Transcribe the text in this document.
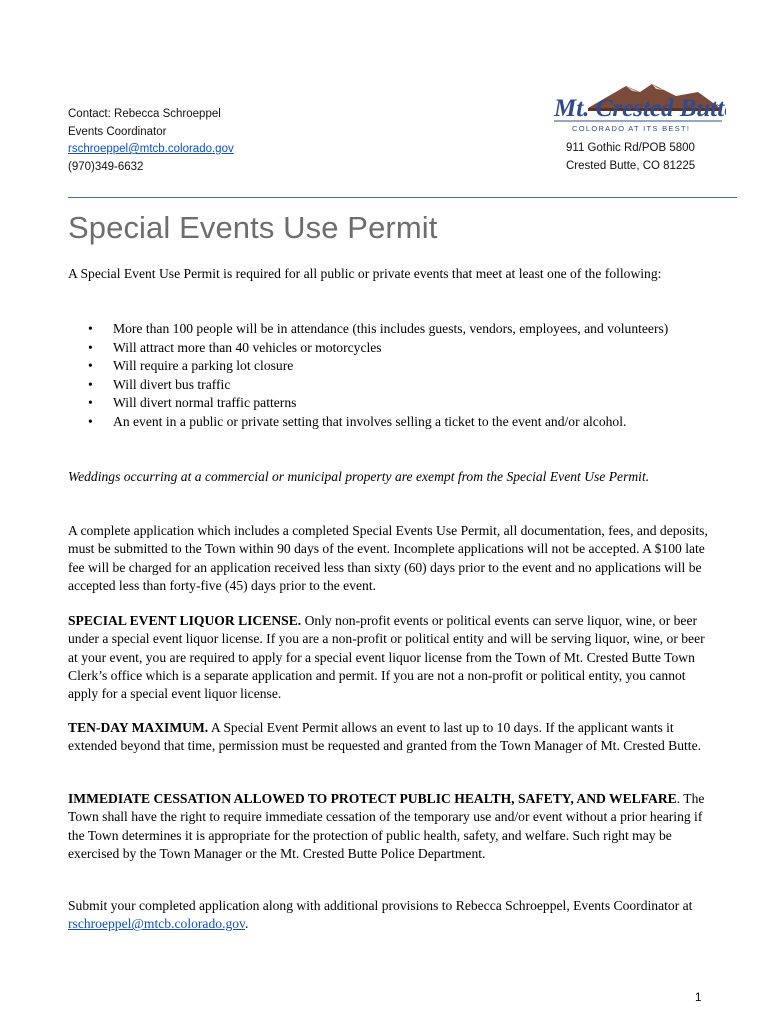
Contact: Rebecca Schroeppel
Events Coordinator
rschroeppel@mtcb.colorado.gov
(970)349-6632
Mt. Crested Butte
COLORADO AT ITS BEST!
911 Gothic Rd/POB 5800
Crested Butte, CO 81225
Special Events Use Permit

A Special Event Use Permit is required for all public or private events that meet at least one of the following:

• More than 100 people will be in attendance (this includes guests, vendors, employees, and volunteers)
• Will attract more than 40 vehicles or motorcycles
• Will require a parking lot closure
• Will divert bus traffic
• Will divert normal traffic patterns
• An event in a public or private setting that involves selling a ticket to the event and/or alcohol.

Weddings occurring at a commercial or municipal property are exempt from the Special Event Use Permit.

A complete application which includes a completed Special Events Use Permit, all documentation, fees, and deposits, must be submitted to the Town within 90 days of the event. Incomplete applications will not be accepted. A $100 late fee will be charged for an application received less than sixty (60) days prior to the event and no applications will be accepted less than forty-five (45) days prior to the event.

SPECIAL EVENT LIQUOR LICENSE. Only non-profit events or political events can serve liquor, wine, or beer under a special event liquor license. If you are a non-profit or political entity and will be serving liquor, wine, or beer at your event, you are required to apply for a special event liquor license from the Town of Mt. Crested Butte Town Clerk’s office which is a separate application and permit. If you are not a non-profit or political entity, you cannot apply for a special event liquor license.

TEN-DAY MAXIMUM. A Special Event Permit allows an event to last up to 10 days. If the applicant wants it extended beyond that time, permission must be requested and granted from the Town Manager of Mt. Crested Butte.

IMMEDIATE CESSATION ALLOWED TO PROTECT PUBLIC HEALTH, SAFETY, AND WELFARE. The Town shall have the right to require immediate cessation of the temporary use and/or event without a prior hearing if the Town determines it is appropriate for the protection of public health, safety, and welfare. Such right may be exercised by the Town Manager or the Mt. Crested Butte Police Department.

Submit your completed application along with additional provisions to Rebecca Schroeppel, Events Coordinator at rschroeppel@mtcb.colorado.gov.

1
